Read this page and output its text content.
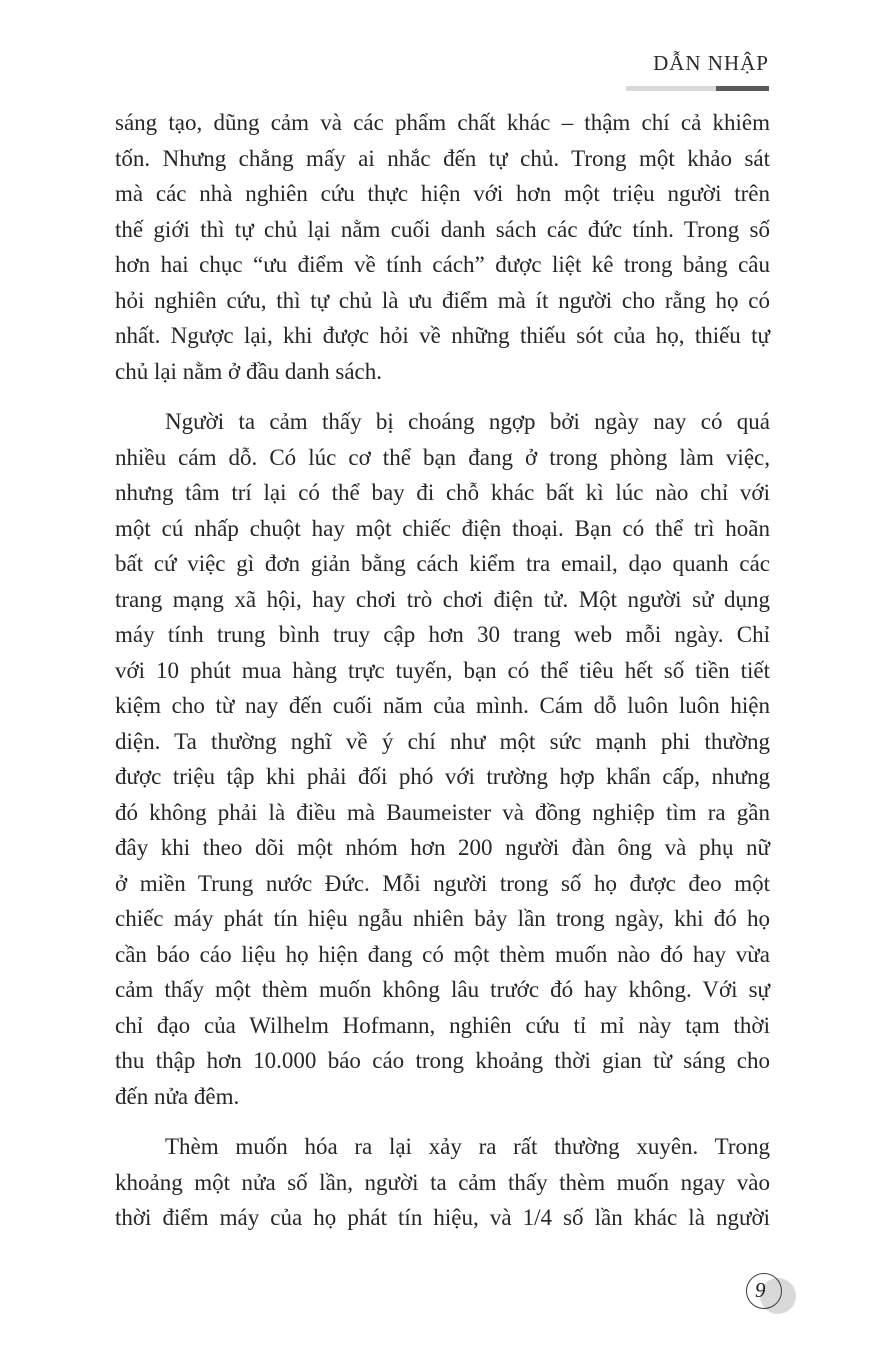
DẪN NHẬP

sáng tạo, dũng cảm và các phẩm chất khác – thậm chí cả khiêm
tốn. Nhưng chẳng mấy ai nhắc đến tự chủ. Trong một khảo sát
mà các nhà nghiên cứu thực hiện với hơn một triệu người trên
thế giới thì tự chủ lại nằm cuối danh sách các đức tính. Trong số
hơn hai chục “ưu điểm về tính cách” được liệt kê trong bảng câu
hỏi nghiên cứu, thì tự chủ là ưu điểm mà ít người cho rằng họ có
nhất. Ngược lại, khi được hỏi về những thiếu sót của họ, thiếu tự
chủ lại nằm ở đầu danh sách.
Người ta cảm thấy bị choáng ngợp bởi ngày nay có quá
nhiều cám dỗ. Có lúc cơ thể bạn đang ở trong phòng làm việc,
nhưng tâm trí lại có thể bay đi chỗ khác bất kì lúc nào chỉ với
một cú nhấp chuột hay một chiếc điện thoại. Bạn có thể trì hoãn
bất cứ việc gì đơn giản bằng cách kiểm tra email, dạo quanh các
trang mạng xã hội, hay chơi trò chơi điện tử. Một người sử dụng
máy tính trung bình truy cập hơn 30 trang web mỗi ngày. Chỉ
với 10 phút mua hàng trực tuyến, bạn có thể tiêu hết số tiền tiết
kiệm cho từ nay đến cuối năm của mình. Cám dỗ luôn luôn hiện
diện. Ta thường nghĩ về ý chí như một sức mạnh phi thường
được triệu tập khi phải đối phó với trường hợp khẩn cấp, nhưng
đó không phải là điều mà Baumeister và đồng nghiệp tìm ra gần
đây khi theo dõi một nhóm hơn 200 người đàn ông và phụ nữ
ở miền Trung nước Đức. Mỗi người trong số họ được đeo một
chiếc máy phát tín hiệu ngẫu nhiên bảy lần trong ngày, khi đó họ
cần báo cáo liệu họ hiện đang có một thèm muốn nào đó hay vừa
cảm thấy một thèm muốn không lâu trước đó hay không. Với sự
chỉ đạo của Wilhelm Hofmann, nghiên cứu tỉ mỉ này tạm thời
thu thập hơn 10.000 báo cáo trong khoảng thời gian từ sáng cho
đến nửa đêm.
Thèm muốn hóa ra lại xảy ra rất thường xuyên. Trong
khoảng một nửa số lần, người ta cảm thấy thèm muốn ngay vào
thời điểm máy của họ phát tín hiệu, và 1/4 số lần khác là người
9
